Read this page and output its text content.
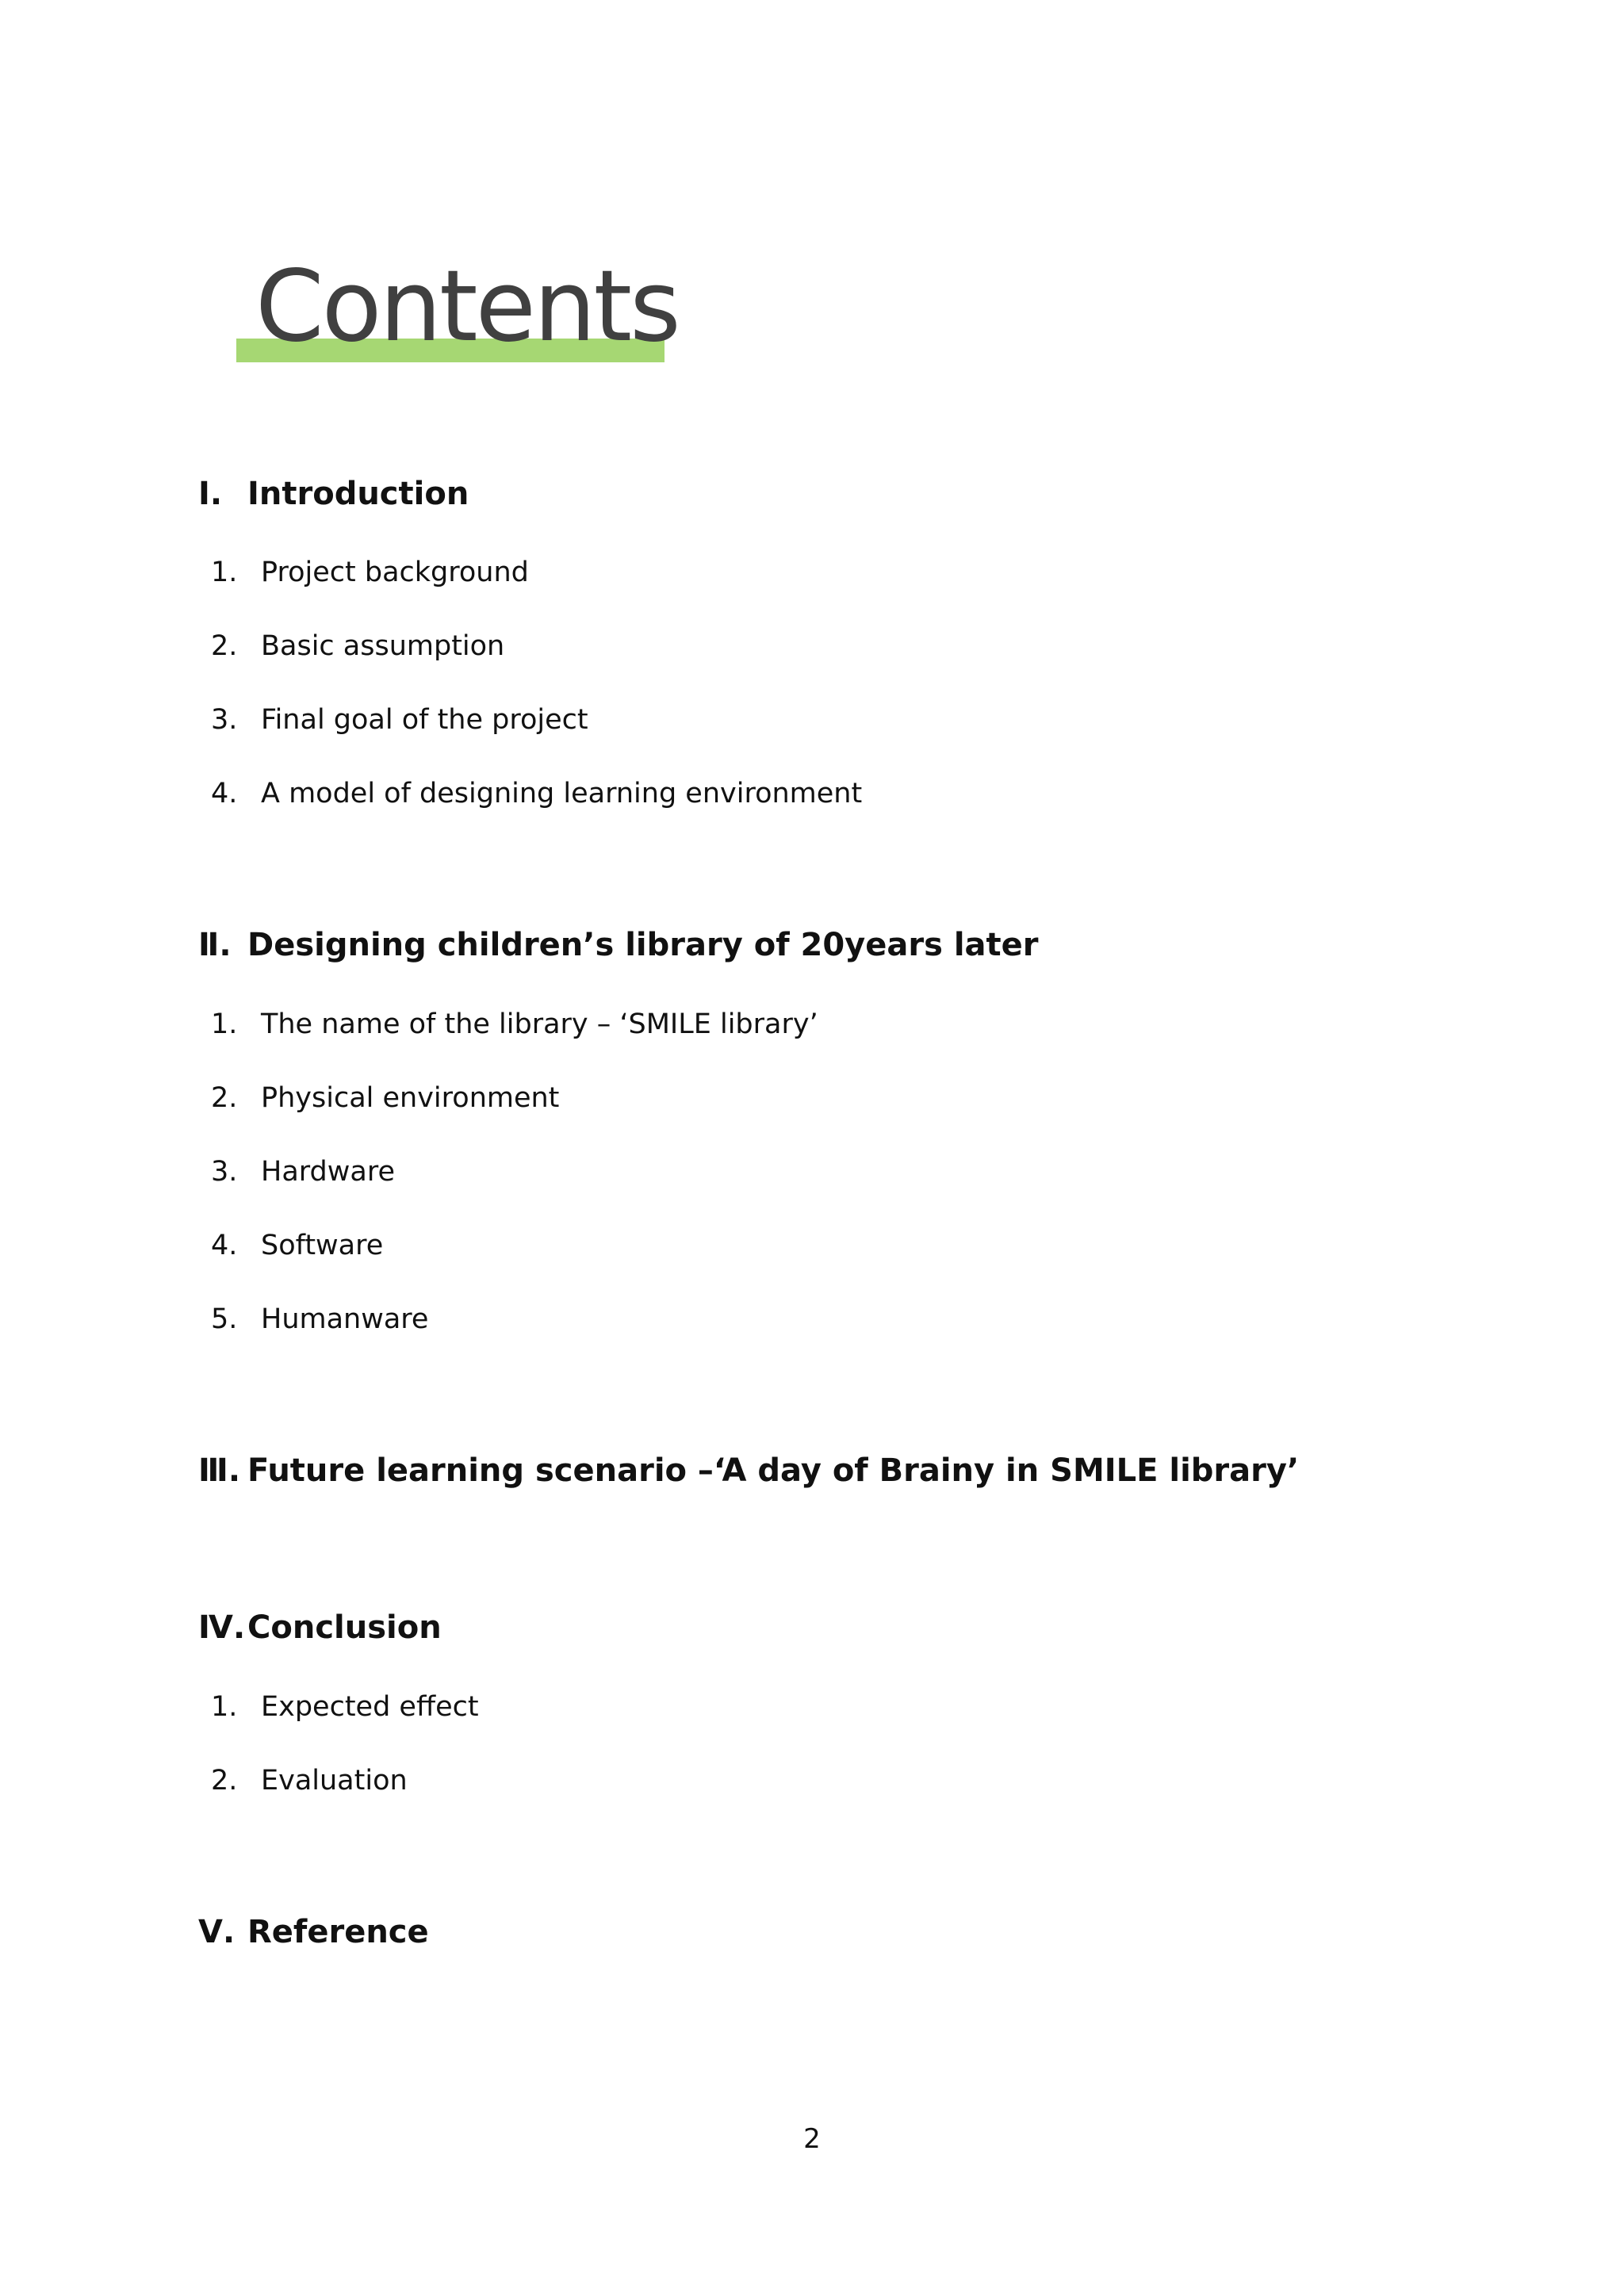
Contents
Ⅰ. Introduction
1. Project background
2. Basic assumption
3. Final goal of the project
4. A model of designing learning environment
Ⅱ. Designing children’s library of 20years later
1. The name of the library – ‘SMILE library’
2. Physical environment
3. Hardware
4. Software
5. Humanware
Ⅲ. Future learning scenario –‘A day of Brainy in SMILE library’
Ⅳ.Conclusion
1. Expected effect
2. Evaluation
Ⅴ. Reference
2
